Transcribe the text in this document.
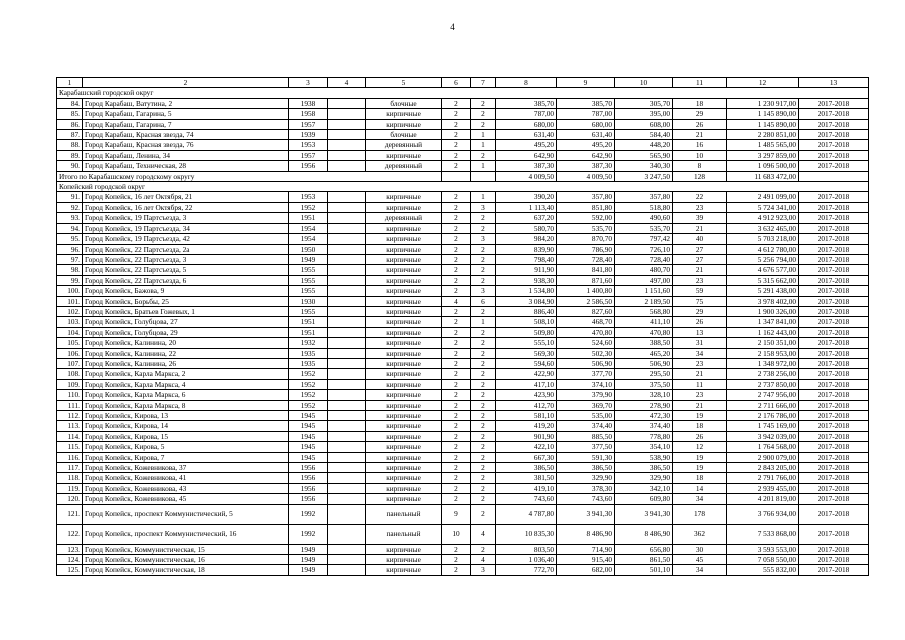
4
1	2	3	4	5	6	7	8	9	10	11	12	13
Карабашский городской округ												
84.	Город Карабаш, Ватутина, 2	1938		блочные	2	2	385,70	385,70	305,70	18	1 230 917,00	2017-2018
85.	Город Карабаш, Гагарина, 5	1958		кирпичные	2	2	787,00	787,00	395,00	29	1 145 890,00	2017-2018
86.	Город Карабаш, Гагарина, 7	1957		кирпичные	2	2	680,00	680,00	608,00	26	1 145 890,00	2017-2018
87.	Город Карабаш, Красная звезда, 74	1939		блочные	2	1	631,40	631,40	584,40	21	2 280 851,00	2017-2018
88.	Город Карабаш, Красная звезда, 76	1953		деревянный	2	1	495,20	495,20	448,20	16	1 485 565,00	2017-2018
89.	Город Карабаш, Ленина, 34	1957		кирпичные	2	2	642,90	642,90	565,90	10	3 297 859,00	2017-2018
90.	Город Карабаш, Техническая, 28	1956		деревянный	2	1	387,30	387,30	340,30	8	1 096 500,00	2017-2018
Итого по Карабашскому городскому округу							4 009,50	4 009,50	3 247,50	128	11 683 472,00	
Копейский городской округ												
91.	Город Копейск, 16 лет Октября, 21	1953		кирпичные	2	1	390,20	357,80	357,80	22	2 491 099,00	2017-2018
92.	Город Копейск, 16 лет Октября, 22	1952		кирпичные	2	3	1 113,40	851,80	518,80	23	5 724 341,00	2017-2018
93.	Город Копейск, 19 Партсъезда, 3	1951		деревянный	2	2	637,20	592,00	490,60	39	4 912 923,00	2017-2018
94.	Город Копейск, 19 Партсъезда, 34	1954		кирпичные	2	2	580,70	535,70	535,70	21	3 632 465,00	2017-2018
95.	Город Копейск, 19 Партсъезда, 42	1954		кирпичные	2	3	984,20	870,70	797,42	40	5 703 218,00	2017-2018
96.	Город Копейск, 22 Партсъезда, 2а	1950		кирпичные	2	2	839,90	786,90	726,10	27	4 612 780,00	2017-2018
97.	Город Копейск, 22 Партсъезда, 3	1949		кирпичные	2	2	798,40	728,40	728,40	27	5 256 794,00	2017-2018
98.	Город Копейск, 22 Партсъезда, 5	1955		кирпичные	2	2	911,90	841,80	480,70	21	4 676 577,00	2017-2018
99.	Город Копейск, 22 Партсъезда, 6	1955		кирпичные	2	2	938,30	871,60	497,00	23	5 315 662,00	2017-2018
100.	Город Копейск, Бажова, 9	1955		кирпичные	2	3	1 534,80	1 400,80	1 151,60	59	5 291 438,00	2017-2018
101.	Город Копейск, Борьбы, 25	1930		кирпичные	4	6	3 084,90	2 586,50	2 189,50	75	3 978 402,00	2017-2018
102.	Город Копейск, Братьев Гожевых, 1	1955		кирпичные	2	2	886,40	827,60	568,80	29	1 900 326,00	2017-2018
103.	Город Копейск, Голубцова, 27	1951		кирпичные	2	1	508,10	468,70	411,10	26	1 347 841,00	2017-2018
104.	Город Копейск, Голубцова, 29	1951		кирпичные	2	2	509,80	470,80	470,80	13	1 162 443,00	2017-2018
105.	Город Копейск, Калинина, 20	1932		кирпичные	2	2	555,10	524,60	388,50	31	2 150 351,00	2017-2018
106.	Город Копейск, Калинина, 22	1935		кирпичные	2	2	569,30	502,30	465,20	34	2 158 953,00	2017-2018
107.	Город Копейск, Калинина, 26	1935		кирпичные	2	2	594,60	506,90	506,90	23	1 348 972,00	2017-2018
108.	Город Копейск, Карла Маркса, 2	1952		кирпичные	2	2	422,90	377,70	295,50	21	2 738 256,00	2017-2018
109.	Город Копейск, Карла Маркса, 4	1952		кирпичные	2	2	417,10	374,10	375,50	11	2 737 850,00	2017-2018
110.	Город Копейск, Карла Маркса, 6	1952		кирпичные	2	2	423,90	379,90	328,10	23	2 747 956,00	2017-2018
111.	Город Копейск, Карла Маркса, 8	1952		кирпичные	2	2	412,70	369,70	278,90	21	2 711 666,00	2017-2018
112.	Город Копейск, Кирова, 13	1945		кирпичные	2	2	581,10	535,00	472,30	19	2 176 786,00	2017-2018
113.	Город Копейск, Кирова, 14	1945		кирпичные	2	2	419,20	374,40	374,40	18	1 745 169,00	2017-2018
114.	Город Копейск, Кирова, 15	1945		кирпичные	2	2	901,90	885,50	778,80	26	3 942 039,00	2017-2018
115.	Город Копейск, Кирова, 5	1945		кирпичные	2	2	422,10	377,50	354,10	12	1 764 568,00	2017-2018
116.	Город Копейск, Кирова, 7	1945		кирпичные	2	2	667,30	591,30	538,90	19	2 900 079,00	2017-2018
117.	Город Копейск, Кожевникова, 37	1956		кирпичные	2	2	386,50	386,50	386,50	19	2 843 205,00	2017-2018
118.	Город Копейск, Кожевникова, 41	1956		кирпичные	2	2	381,50	329,90	329,90	18	2 791 766,00	2017-2018
119.	Город Копейск, Кожевникова, 43	1956		кирпичные	2	2	419,10	378,30	342,10	14	2 939 455,00	2017-2018
120.	Город Копейск, Кожевникова, 45	1956		кирпичные	2	2	743,60	743,60	609,80	34	4 201 819,00	2017-2018
121.	Город Копейск, проспект Коммунистический, 5	1992		панельный	9	2	4 787,80	3 941,30	3 941,30	178	3 766 934,00	2017-2018
122.	Город Копейск, проспект Коммунистический, 16	1992		панельный	10	4	10 835,30	8 486,90	8 486,90	362	7 533 868,00	2017-2018
123.	Город Копейск, Коммунистическая, 15	1949		кирпичные	2	2	803,50	714,90	656,80	30	3 593 553,00	2017-2018
124.	Город Копейск, Коммунистическая, 16	1949		кирпичные	2	4	1 036,40	915,40	861,50	45	7 058 550,00	2017-2018
125.	Город Копейск, Коммунистическая, 18	1949		кирпичные	2	3	772,70	682,00	501,10	34	555 832,00	2017-2018
